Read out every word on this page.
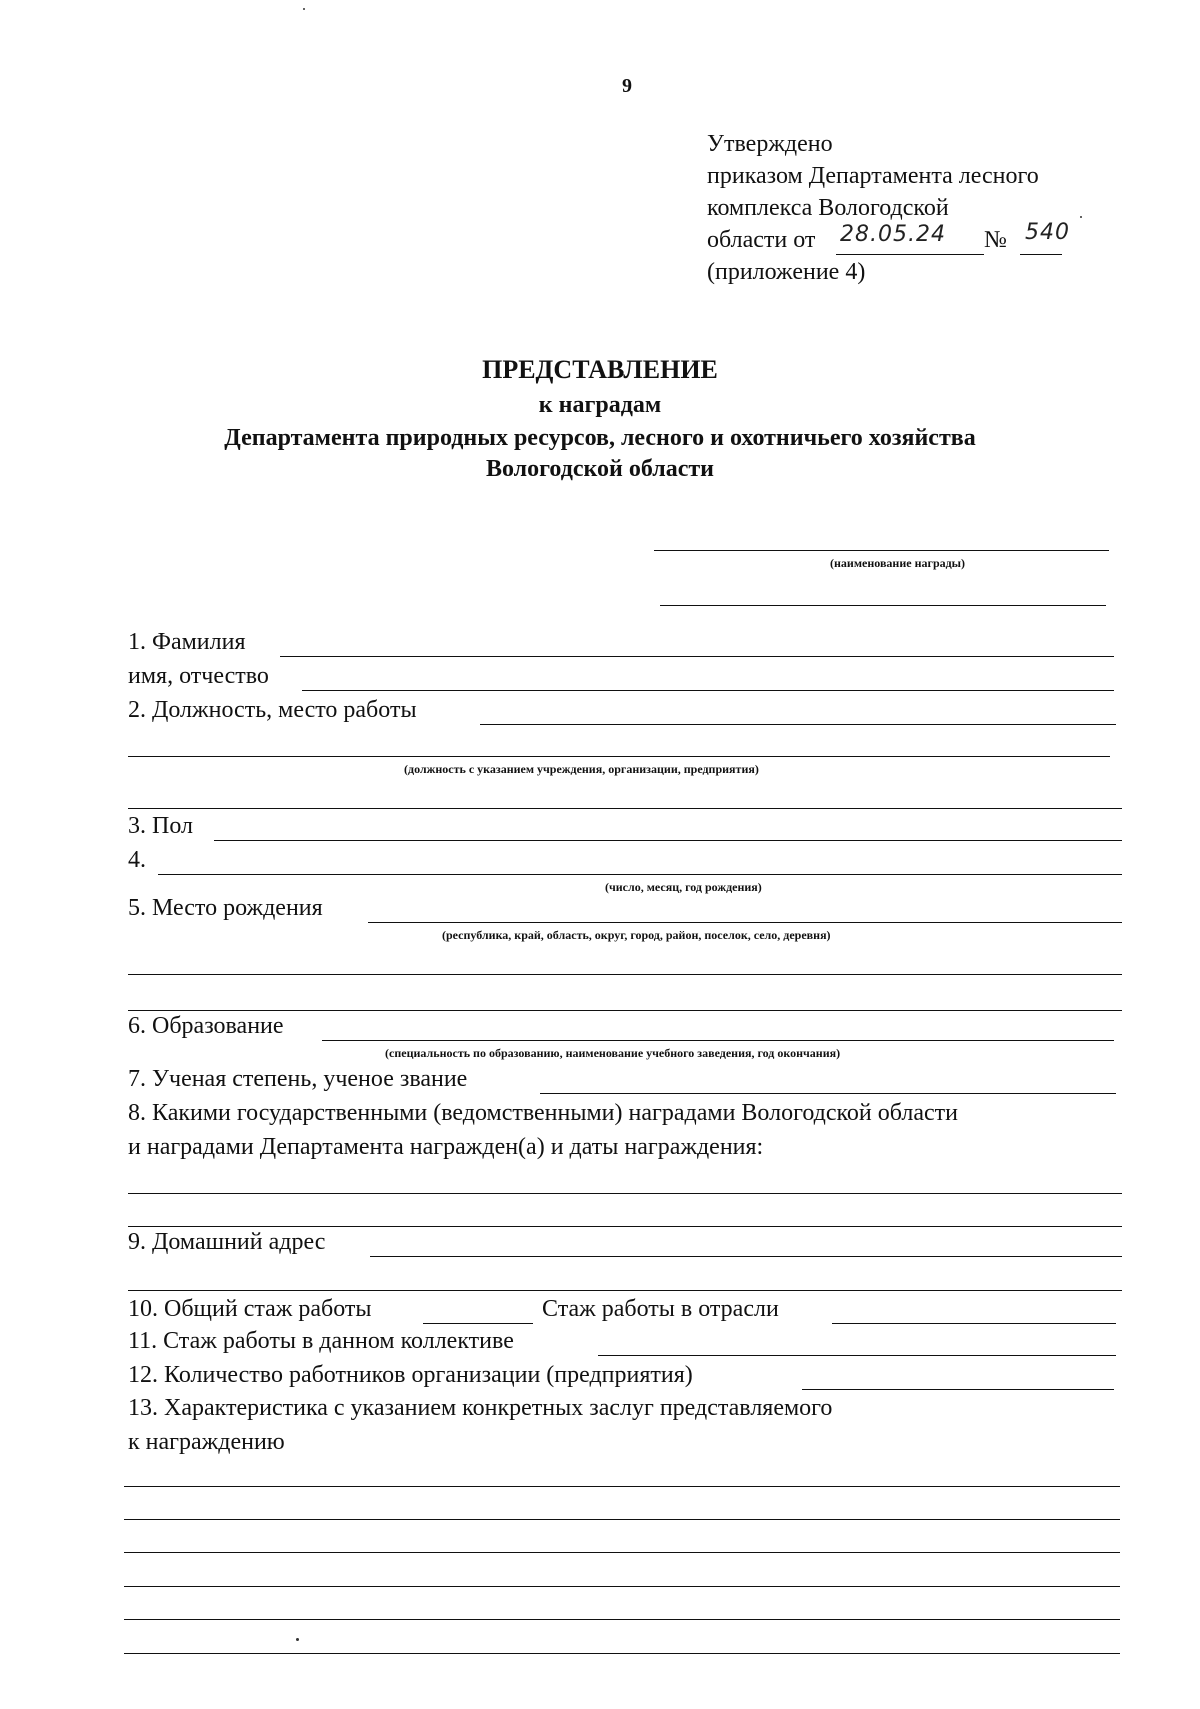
9
Утверждено
приказом Департамента лесного
комплекса Вологодской
области от 28.05.24 № 540
(приложение 4)
ПРЕДСТАВЛЕНИЕ
к наградам
Департамента природных ресурсов, лесного и охотничьего хозяйства
Вологодской области
(наименование награды)
1. Фамилия
имя, отчество
2. Должность, место работы
(должность с указанием учреждения, организации, предприятия)
3. Пол
4.
(число, месяц, год рождения)
5. Место рождения
(республика, край, область, округ, город, район, поселок, село, деревня)
6. Образование
(специальность по образованию, наименование учебного заведения, год окончания)
7. Ученая степень, ученое звание
8. Какими государственными (ведомственными) наградами Вологодской области
и наградами Департамента награжден(а) и даты награждения:
9. Домашний адрес
10. Общий стаж работы	Стаж работы в отрасли
11. Стаж работы в данном коллективе
12. Количество работников организации (предприятия)
13. Характеристика с указанием конкретных заслуг представляемого
к награждению
